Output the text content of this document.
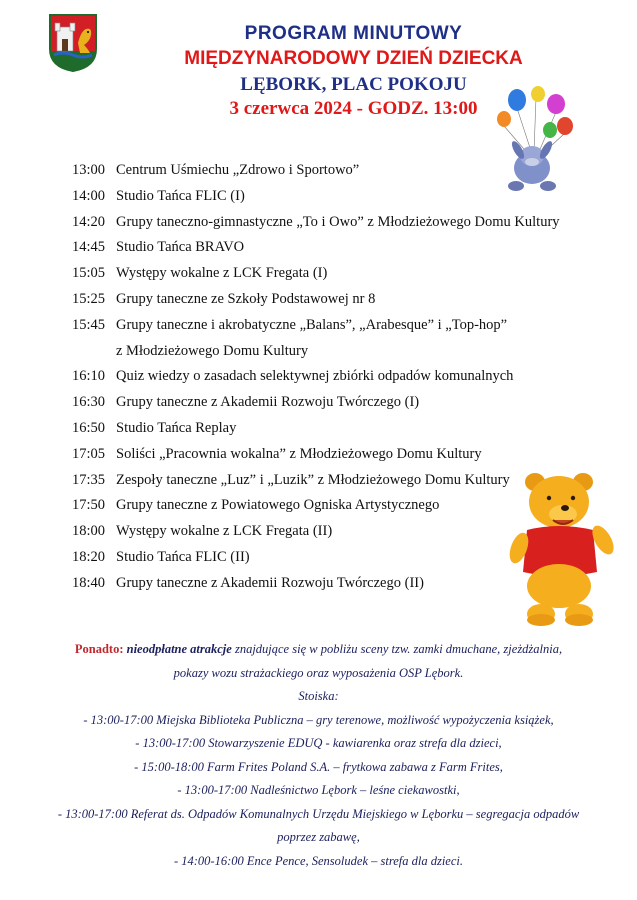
PROGRAM MINUTOWY
MIĘDZYNARODOWY DZIEŃ DZIECKA
LĘBORK, PLAC POKOJU
3 czerwca 2024 - GODZ. 13:00
13:00 Centrum Uśmiechu „Zdrowo i Sportowo”
14:00 Studio Tańca FLIC (I)
14:20 Grupy taneczno-gimnastyczne „To i Owo” z Młodzieżowego Domu Kultury
14:45 Studio Tańca BRAVO
15:05 Występy wokalne z LCK Fregata (I)
15:25 Grupy taneczne ze Szkoły Podstawowej nr 8
15:45 Grupy taneczne i akrobatyczne „Balans”, „Arabesque” i „Top-hop”
z Młodzieżowego Domu Kultury
16:10 Quiz wiedzy o zasadach selektywnej zbiórki odpadów komunalnych
16:30 Grupy taneczne z Akademii Rozwoju Twórczego (I)
16:50 Studio Tańca Replay
17:05 Soliści „Pracownia wokalna” z Młodzieżowego Domu Kultury
17:35 Zespoły taneczne „Luz” i „Luzik” z Młodzieżowego Domu Kultury
17:50 Grupy taneczne z Powiatowego Ogniska Artystycznego
18:00 Występy wokalne z LCK Fregata (II)
18:20 Studio Tańca FLIC (II)
18:40 Grupy taneczne z Akademii Rozwoju Twórczego (II)
Ponadto: nieodpłatne atrakcje znajdujące się w pobliżu sceny tzw. zamki dmuchane, zjeżdżalnia,
pokazy wozu strażackiego oraz wyposażenia OSP Lębork.
Stoiska:
- 13:00-17:00 Miejska Biblioteka Publiczna – gry terenowe, możliwość wypożyczenia książek,
- 13:00-17:00 Stowarzyszenie EDUQ - kawiarenka oraz strefa dla dzieci,
- 15:00-18:00 Farm Frites Poland S.A. – frytkowa zabawa z Farm Frites,
- 13:00-17:00 Nadleśnictwo Lębork – leśne ciekawostki,
- 13:00-17:00 Referat ds. Odpadów Komunalnych Urzędu Miejskiego w Lęborku – segregacja odpadów
poprzez zabawę,
- 14:00-16:00 Ence Pence, Sensoludek – strefa dla dzieci.
